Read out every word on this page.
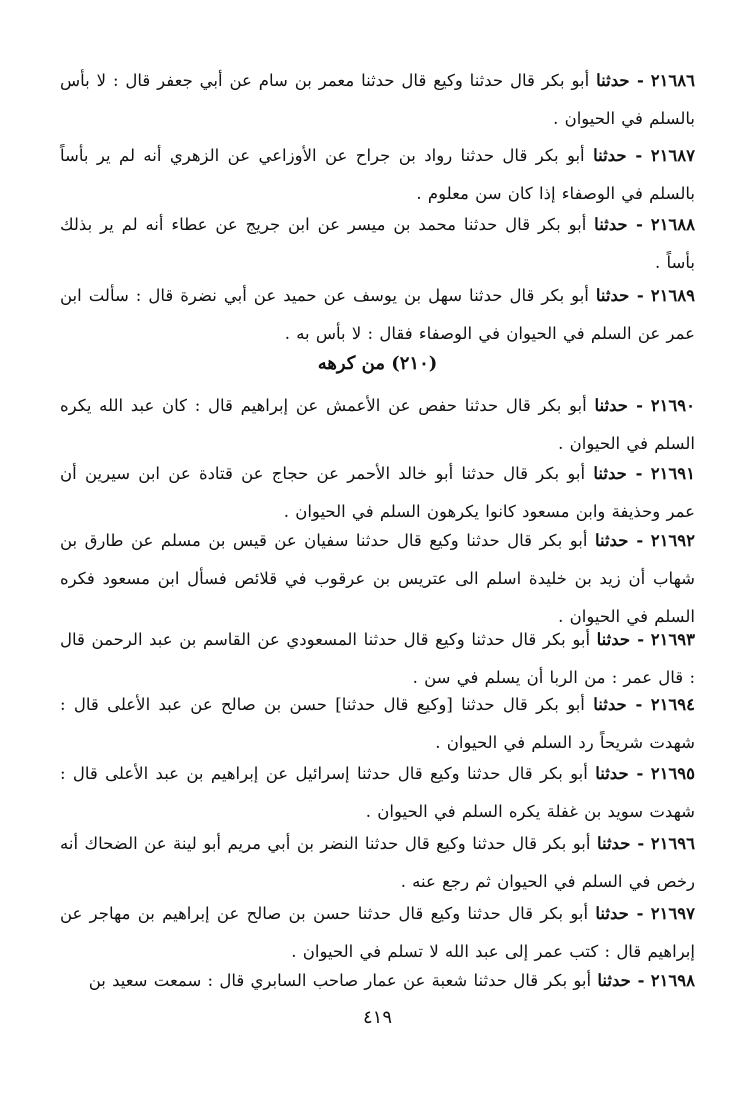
٢١٦٨٦ - حدثنا أبو بكر قال حدثنا وكيع قال حدثنا معمر بن سام عن أبي جعفر قال : لا بأس بالسلم في الحيوان .

٢١٦٨٧ - حدثنا أبو بكر قال حدثنا رواد بن جراح عن الأوزاعي عن الزهري أنه لم ير بأساً بالسلم في الوصفاء إذا كان سن معلوم .

٢١٦٨٨ - حدثنا أبو بكر قال حدثنا محمد بن ميسر عن ابن جريج عن عطاء أنه لم ير بذلك بأساً .

٢١٦٨٩ - حدثنا أبو بكر قال حدثنا سهل بن يوسف عن حميد عن أبي نضرة قال : سألت ابن عمر عن السلم في الحيوان في الوصفاء فقال : لا بأس به .

(٢١٠) من كرهه

٢١٦٩٠ - حدثنا أبو بكر قال حدثنا حفص عن الأعمش عن إبراهيم قال : كان عبد الله يكره السلم في الحيوان .

٢١٦٩١ - حدثنا أبو بكر قال حدثنا أبو خالد الأحمر عن حجاج عن قتادة عن ابن سيرين أن عمر وحذيفة وابن مسعود كانوا يكرهون السلم في الحيوان .

٢١٦٩٢ - حدثنا أبو بكر قال حدثنا وكيع قال حدثنا سفيان عن قيس بن مسلم عن طارق بن شهاب أن زيد بن خليدة اسلم الى عتريس بن عرقوب في قلائص فسأل ابن مسعود فكره السلم في الحيوان .

٢١٦٩٣ - حدثنا أبو بكر قال حدثنا وكيع قال حدثنا المسعودي عن القاسم بن عبد الرحمن قال : قال عمر : من الربا أن يسلم في سن .

٢١٦٩٤ - حدثنا أبو بكر قال حدثنا [وكيع قال حدثنا] حسن بن صالح عن عبد الأعلى قال : شهدت شريحاً رد السلم في الحيوان .

٢١٦٩٥ - حدثنا أبو بكر قال حدثنا وكيع قال حدثنا إسرائيل عن إبراهيم بن عبد الأعلى قال : شهدت سويد بن غفلة يكره السلم في الحيوان .

٢١٦٩٦ - حدثنا أبو بكر قال حدثنا وكيع قال حدثنا النضر بن أبي مريم أبو لينة عن الضحاك أنه رخص في السلم في الحيوان ثم رجع عنه .

٢١٦٩٧ - حدثنا أبو بكر قال حدثنا وكيع قال حدثنا حسن بن صالح عن إبراهيم بن مهاجر عن إبراهيم قال : كتب عمر إلى عبد الله لا تسلم في الحيوان .

٢١٦٩٨ - حدثنا أبو بكر قال حدثنا شعبة عن عمار صاحب السابري قال : سمعت سعيد بن

٤١٩
